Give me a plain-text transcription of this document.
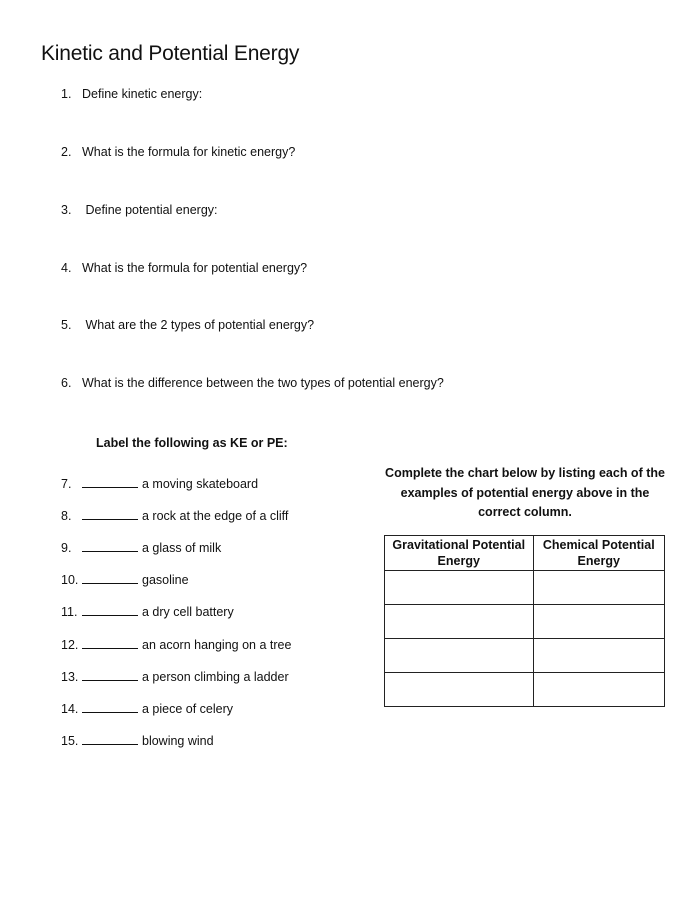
Kinetic and Potential Energy
1. Define kinetic energy:
2. What is the formula for kinetic energy?
3. Define potential energy:
4. What is the formula for potential energy?
5. What are the 2 types of potential energy?
6. What is the difference between the two types of potential energy?
Label the following as KE or PE:
7.	a moving skateboard
8.	a rock at the edge of a cliff
9.	a glass of milk
10.	gasoline
11.	a dry cell battery
12.	an acorn hanging on a tree
13.	a person climbing a ladder
14.	a piece of celery
15.	blowing wind
Complete the chart below by listing each of the examples of potential energy above in the correct column.
Gravitational Potential Energy	Chemical Potential Energy
